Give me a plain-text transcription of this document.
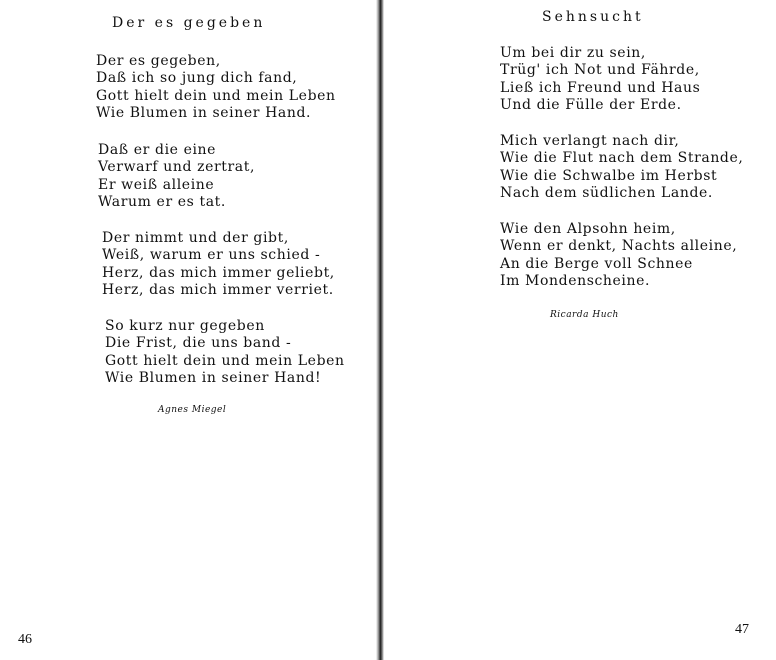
Der es gegeben
Der es gegeben,
Daß ich so jung dich fand,
Gott hielt dein und mein Leben
Wie Blumen in seiner Hand.
Daß er die eine
Verwarf und zertrat,
Er weiß alleine
Warum er es tat.
Der nimmt und der gibt,
Weiß, warum er uns schied -
Herz, das mich immer geliebt,
Herz, das mich immer verriet.
So kurz nur gegeben
Die Frist, die uns band -
Gott hielt dein und mein Leben
Wie Blumen in seiner Hand!
Agnes Miegel
46
Sehnsucht
Um bei dir zu sein,
Trüg' ich Not und Fährde,
Ließ ich Freund und Haus
Und die Fülle der Erde.
Mich verlangt nach dir,
Wie die Flut nach dem Strande,
Wie die Schwalbe im Herbst
Nach dem südlichen Lande.
Wie den Alpsohn heim,
Wenn er denkt, Nachts alleine,
An die Berge voll Schnee
Im Mondenscheine.
Ricarda Huch
47
